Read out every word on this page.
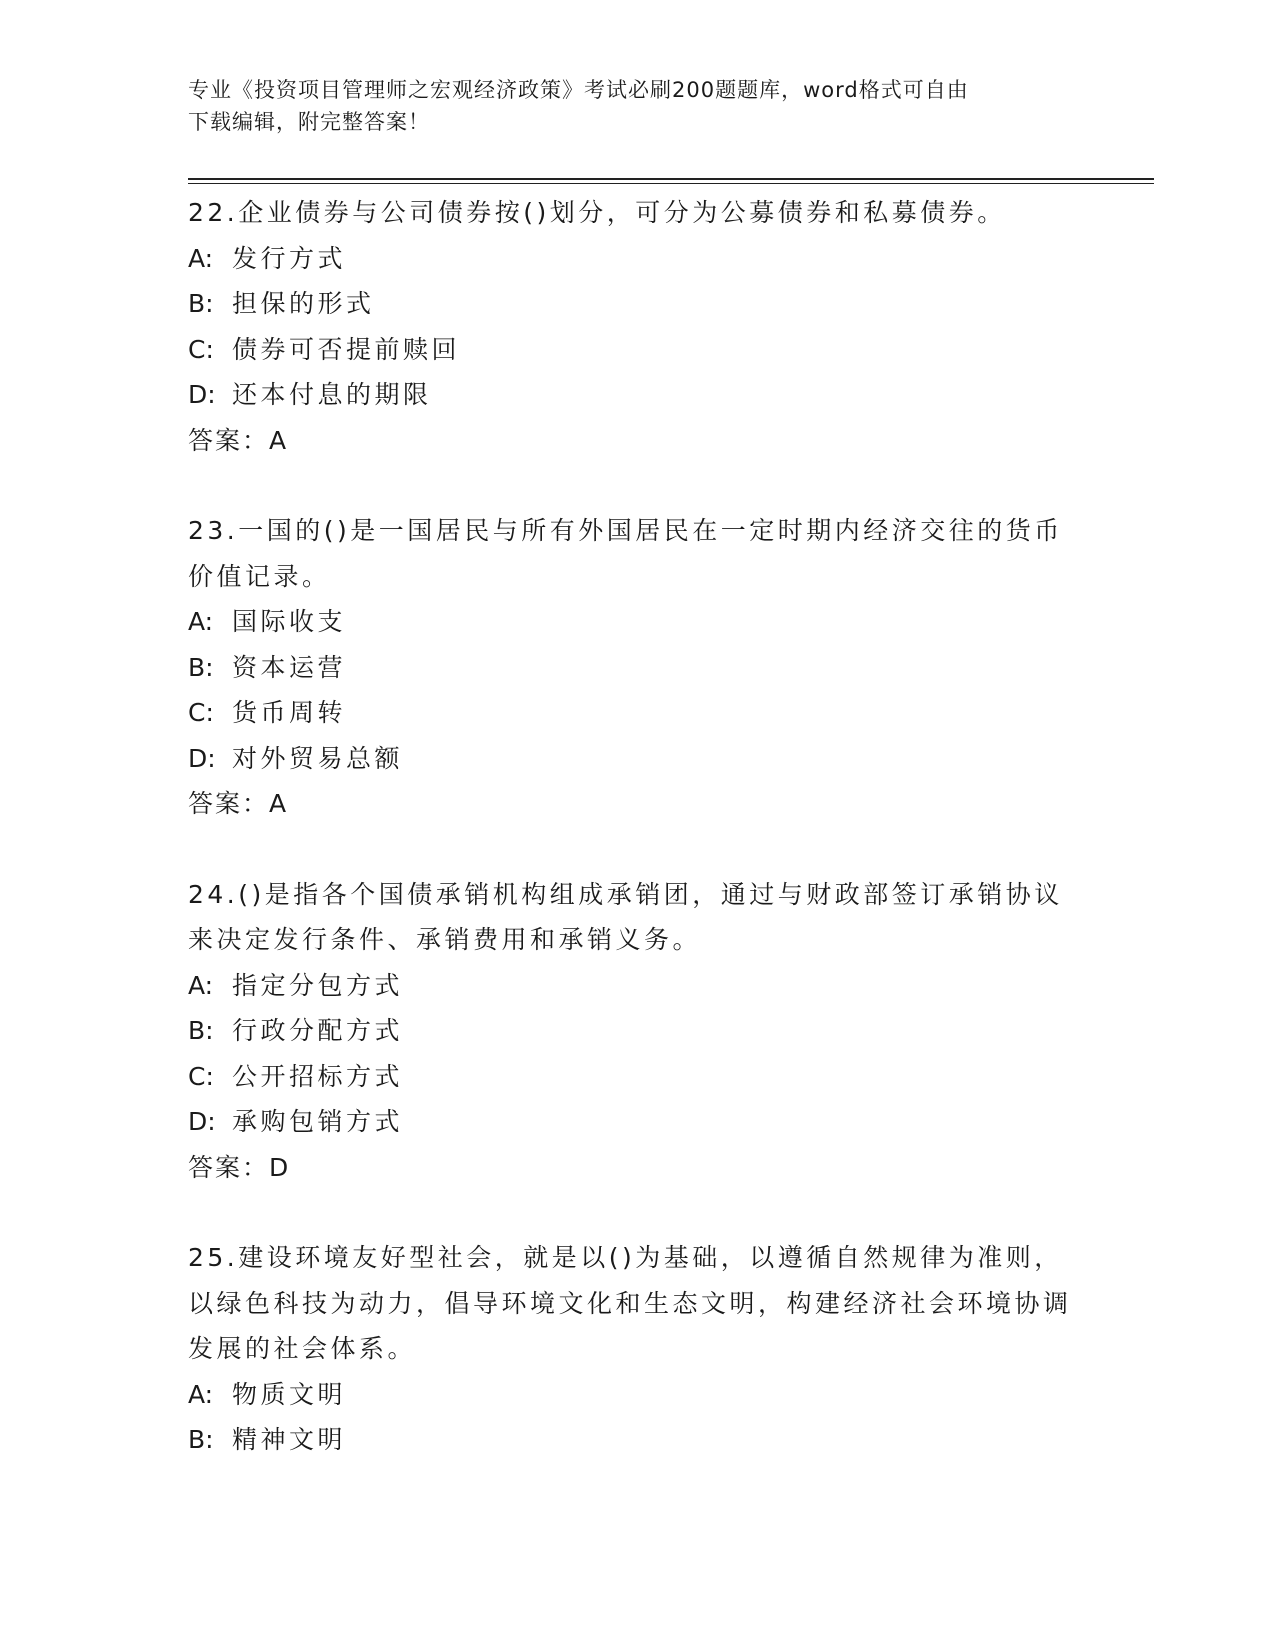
专业《投资项目管理师之宏观经济政策》考试必刷200题题库，word格式可自由
下载编辑，附完整答案！

22.企业债券与公司债券按()划分，可分为公募债券和私募债券。

A: 发行方式

B: 担保的形式

C: 债券可否提前赎回

D: 还本付息的期限

答案：A

23.一国的()是一国居民与所有外国居民在一定时期内经济交往的货币价值记录。

A: 国际收支

B: 资本运营

C: 货币周转

D: 对外贸易总额

答案：A

24.()是指各个国债承销机构组成承销团，通过与财政部签订承销协议来决定发行条件、承销费用和承销义务。

A: 指定分包方式

B: 行政分配方式

C: 公开招标方式

D: 承购包销方式

答案：D

25.建设环境友好型社会，就是以()为基础，以遵循自然规律为准则，以绿色科技为动力，倡导环境文化和生态文明，构建经济社会环境协调发展的社会体系。

A: 物质文明

B: 精神文明
